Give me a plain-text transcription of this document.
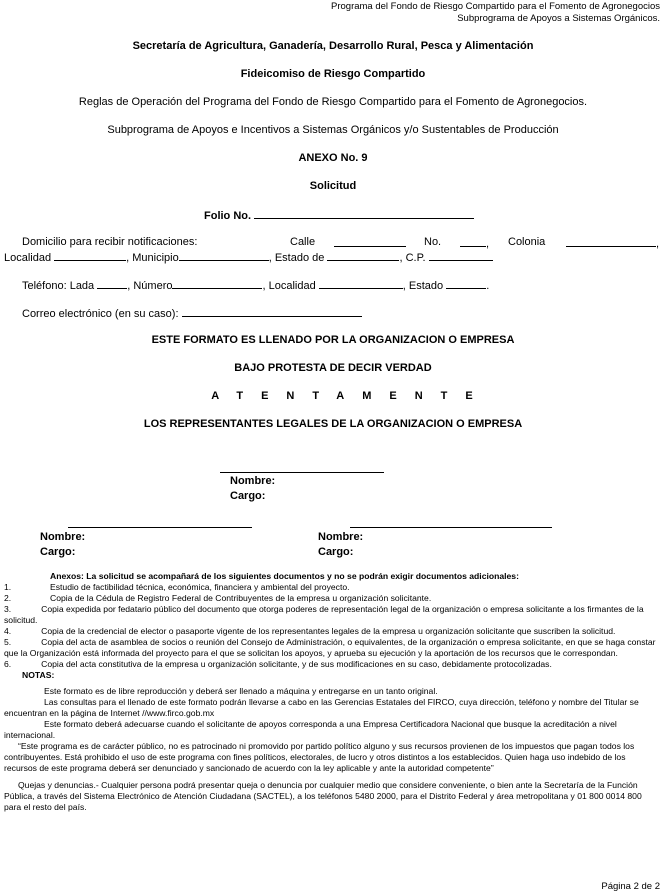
Programa del Fondo de Riesgo Compartido para el Fomento de Agronegocios
Subprograma de Apoyos a Sistemas Orgánicos.
Secretaría de Agricultura, Ganadería, Desarrollo Rural, Pesca y Alimentación
Fideicomiso de Riesgo Compartido
Reglas de Operación del Programa del Fondo de Riesgo Compartido para el Fomento de Agronegocios.
Subprograma de Apoyos e Incentivos a Sistemas Orgánicos y/o Sustentables de Producción
ANEXO No. 9
Solicitud
Folio No.
Domicilio para recibir notificaciones:	Calle	No.	, Colonia	,
Localidad	, Municipio	, Estado de	, C.P.
Teléfono: Lada	, Número	, Localidad	, Estado	.
Correo electrónico (en su caso):
ESTE FORMATO ES LLENADO POR LA ORGANIZACION O EMPRESA
BAJO PROTESTA DE DECIR VERDAD
ATENTAMENTE
LOS REPRESENTANTES LEGALES DE LA ORGANIZACION O EMPRESA
Nombre:
Cargo:
Nombre:
Cargo:
Nombre:
Cargo:

Anexos: La solicitud se acompañará de los siguientes documentos y no se podrán exigir documentos adicionales:

1.	Estudio de factibilidad técnica, económica, financiera y ambiental del proyecto.
2.	Copia de la Cédula de Registro Federal de Contribuyentes de la empresa u organización solicitante.

3.	Copia expedida por fedatario público del documento que otorga poderes de representación legal de la organización o empresa solicitante a los firmantes de la solicitud.

4.	Copia de la credencial de elector o pasaporte vigente de los representantes legales de la empresa u organización solicitante que suscriben la solicitud.

5.	Copia del acta de asamblea de socios o reunión del Consejo de Administración, o equivalentes, de la organización o empresa solicitante, en que se haga constar que la Organización está informada del proyecto para el que se solicitan los apoyos, y aprueba su ejecución y la aportación de los recursos que le correspondan.

6.	Copia del acta constitutiva de la empresa u organización solicitante, y de sus modificaciones en su caso, debidamente protocolizadas.

NOTAS:

Este formato es de libre reproducción y deberá ser llenado a máquina y entregarse en un tanto original.

Las consultas para el llenado de este formato podrán llevarse a cabo en las Gerencias Estatales del FIRCO, cuya dirección, teléfono y nombre del Titular se encuentran en la página de Internet //www.firco.gob.mx

Este formato deberá adecuarse cuando el solicitante de apoyos corresponda a una Empresa Certificadora Nacional que busque la acreditación a nivel internacional.

“Este programa es de carácter público, no es patrocinado ni promovido por partido político alguno y sus recursos provienen de los impuestos que pagan todos los contribuyentes. Está prohibido el uso de este programa con fines políticos, electorales, de lucro y otros distintos a los establecidos. Quien haga uso indebido de los recursos de este programa deberá ser denunciado y sancionado de acuerdo con la ley aplicable y ante la autoridad competente”

Quejas y denuncias.- Cualquier persona podrá presentar queja o denuncia por cualquier medio que considere conveniente, o bien ante la Secretaría de la Función Pública, a través del Sistema Electrónico de Atención Ciudadana (SACTEL), a los teléfonos 5480 2000, para el Distrito Federal y área metropolitana y 01 800 0014 800 para el resto del país.

Página 2 de 2
